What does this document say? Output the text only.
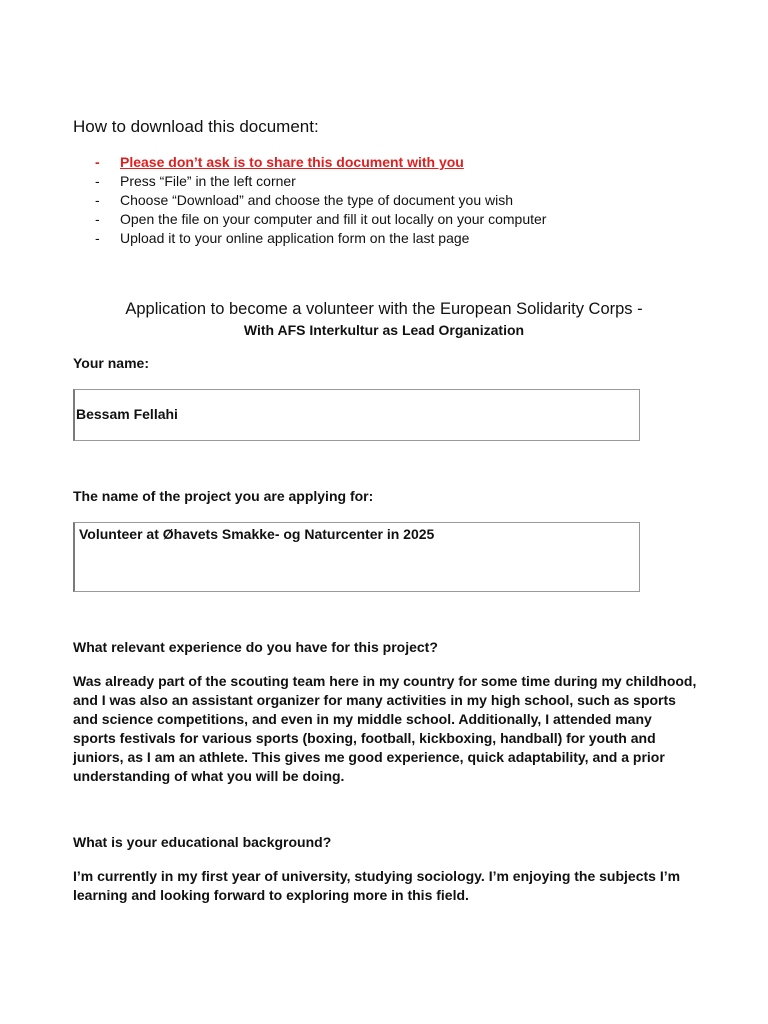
How to download this document:
- Please don’t ask is to share this document with you
- Press “File” in the left corner
- Choose “Download” and choose the type of document you wish
- Open the file on your computer and fill it out locally on your computer
- Upload it to your online application form on the last page
Application to become a volunteer with the European Solidarity Corps -

With AFS Interkultur as Lead Organization

Your name:

Bessam Fellahi

The name of the project you are applying for:

Volunteer at Øhavets Smakke- og Naturcenter in 2025

What relevant experience do you have for this project?

Was already part of the scouting team here in my country for some time during my childhood, and I was also an assistant organizer for many activities in my high school, such as sports and science competitions, and even in my middle school. Additionally, I attended many sports festivals for various sports (boxing, football, kickboxing, handball) for youth and juniors, as I am an athlete. This gives me good experience, quick adaptability, and a prior understanding of what you will be doing.

What is your educational background?

I’m currently in my first year of university, studying sociology. I’m enjoying the subjects I’m learning and looking forward to exploring more in this field.
